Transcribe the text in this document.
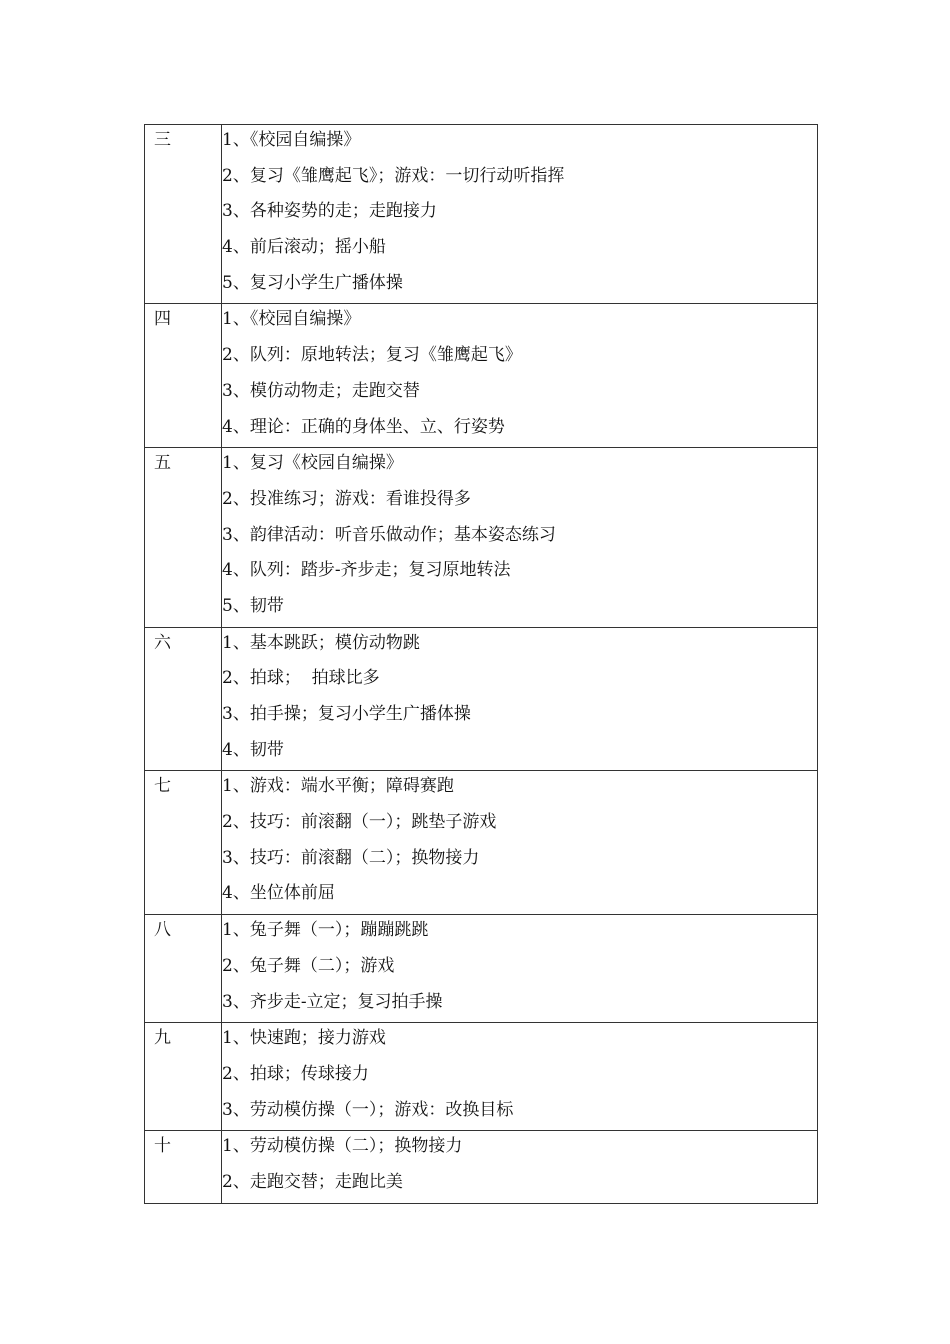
三	1、《校园自编操》
2、复习《雏鹰起飞》；游戏：一切行动听指挥
3、各种姿势的走；走跑接力
4、前后滚动；摇小船
5、复习小学生广播体操

四	1、《校园自编操》
2、队列：原地转法；复习《雏鹰起飞》
3、模仿动物走；走跑交替
4、理论：正确的身体坐、立、行姿势

五	1、复习《校园自编操》
2、投准练习；游戏：看谁投得多
3、韵律活动：听音乐做动作；基本姿态练习
4、队列：踏步-齐步走；复习原地转法
5、韧带

六	1、基本跳跃；模仿动物跳
2、拍球；  拍球比多
3、拍手操；复习小学生广播体操
4、韧带

七	1、游戏：端水平衡；障碍赛跑
2、技巧：前滚翻（一）；跳垫子游戏
3、技巧：前滚翻（二）；换物接力
4、坐位体前屈

八	1、兔子舞（一）；蹦蹦跳跳
2、兔子舞（二）；游戏
3、齐步走-立定；复习拍手操

九	1、快速跑；接力游戏
2、拍球；传球接力
3、劳动模仿操（一）；游戏：改换目标

十	1、劳动模仿操（二）；换物接力
2、走跑交替；走跑比美
